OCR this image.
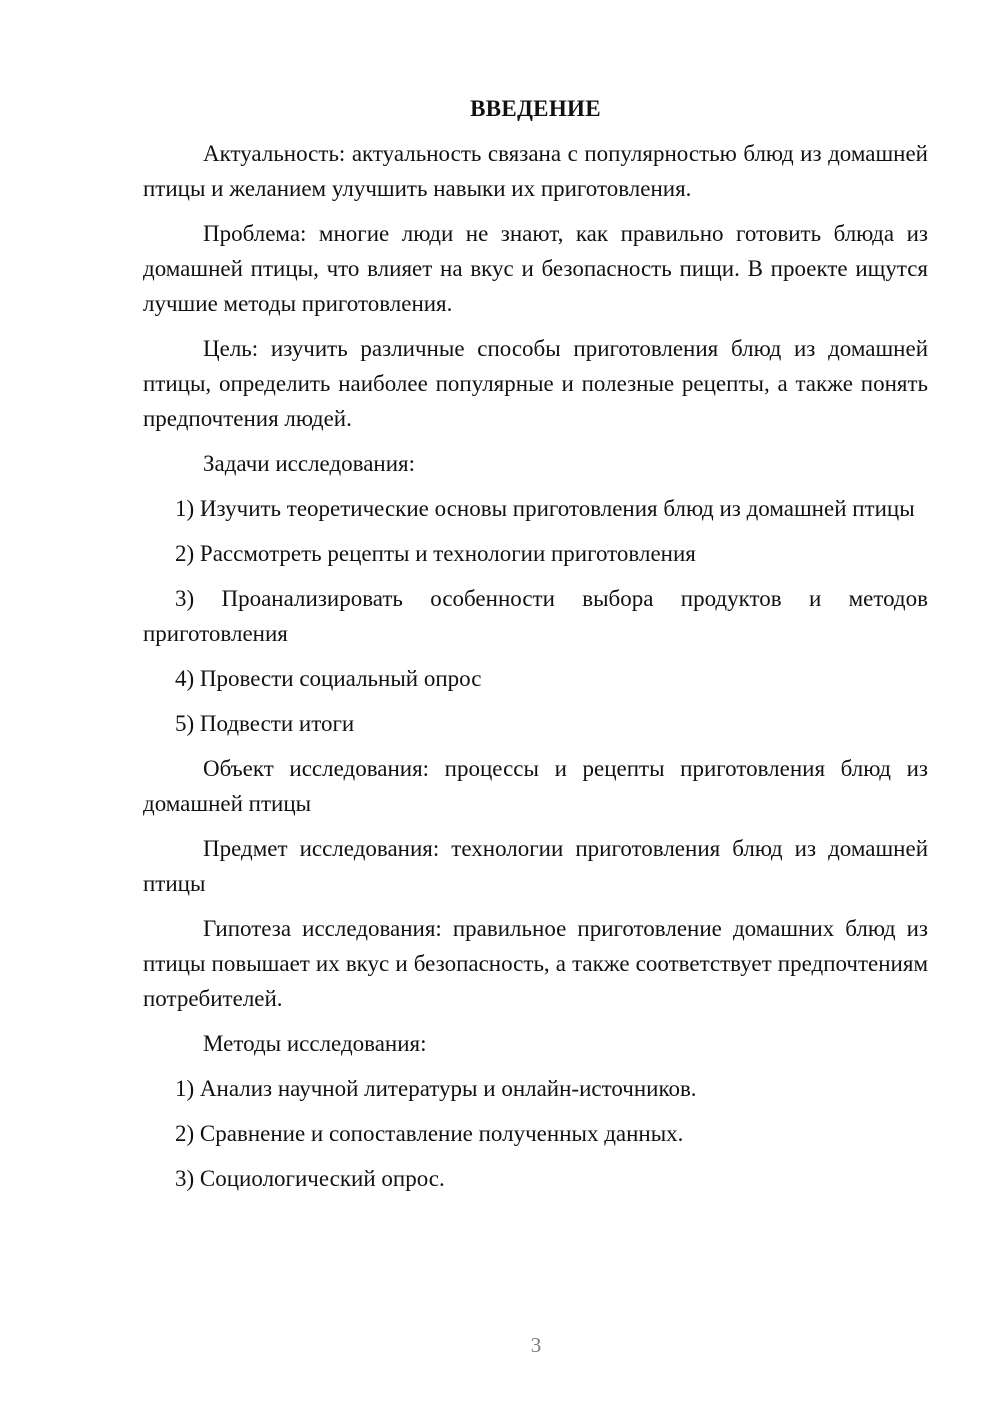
ВВЕДЕНИЕ

Актуальность: актуальность связана с популярностью блюд из домашней птицы и желанием улучшить навыки их приготовления.

Проблема: многие люди не знают, как правильно готовить блюда из домашней птицы, что влияет на вкус и безопасность пищи. В проекте ищутся лучшие методы приготовления.

Цель: изучить различные способы приготовления блюд из домашней птицы, определить наиболее популярные и полезные рецепты, а также понять предпочтения людей.

Задачи исследования:

1) Изучить теоретические основы приготовления блюд из домашней птицы

2) Рассмотреть рецепты и технологии приготовления

3) Проанализировать особенности выбора продуктов и методов приготовления

4) Провести социальный опрос

5) Подвести итоги

Объект исследования: процессы и рецепты приготовления блюд из домашней птицы

Предмет исследования: технологии приготовления блюд из домашней птицы

Гипотеза исследования: правильное приготовление домашних блюд из птицы повышает их вкус и безопасность, а также соответствует предпочтениям потребителей.

Методы исследования:

1) Анализ научной литературы и онлайн-источников.

2) Сравнение и сопоставление полученных данных.

3) Социологический опрос.

3
